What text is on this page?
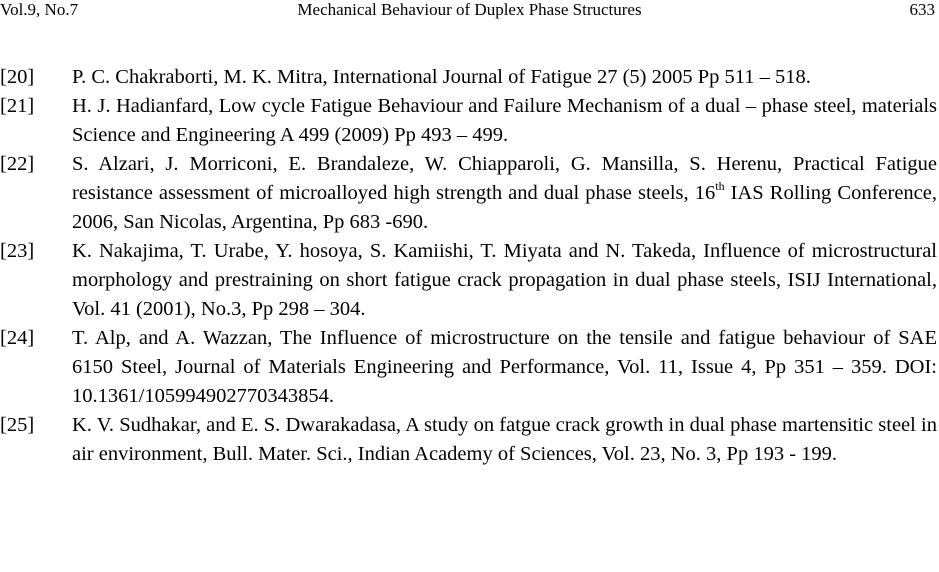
Vol.9, No.7	Mechanical Behaviour of Duplex Phase Structures	633
[20] P. C. Chakraborti, M. K. Mitra, International Journal of Fatigue 27 (5) 2005 Pp 511 – 518.
[21] H. J. Hadianfard, Low cycle Fatigue Behaviour and Failure Mechanism of a dual – phase steel, materials Science and Engineering A 499 (2009) Pp 493 – 499.
[22] S. Alzari, J. Morriconi, E. Brandaleze, W. Chiapparoli, G. Mansilla, S. Herenu, Practical Fatigue resistance assessment of microalloyed high strength and dual phase steels, 16th IAS Rolling Conference, 2006, San Nicolas, Argentina, Pp 683 -690.
[23] K. Nakajima, T. Urabe, Y. hosoya, S. Kamiishi, T. Miyata and N. Takeda, Influence of microstructural morphology and prestraining on short fatigue crack propagation in dual phase steels, ISIJ International, Vol. 41 (2001), No.3, Pp 298 – 304.
[24] T. Alp, and A. Wazzan, The Influence of microstructure on the tensile and fatigue behaviour of SAE 6150 Steel, Journal of Materials Engineering and Performance, Vol. 11, Issue 4, Pp 351 – 359. DOI: 10.1361/105994902770343854.
[25] K. V. Sudhakar, and E. S. Dwarakadasa, A study on fatgue crack growth in dual phase martensitic steel in air environment, Bull. Mater. Sci., Indian Academy of Sciences, Vol. 23, No. 3, Pp 193 - 199.
